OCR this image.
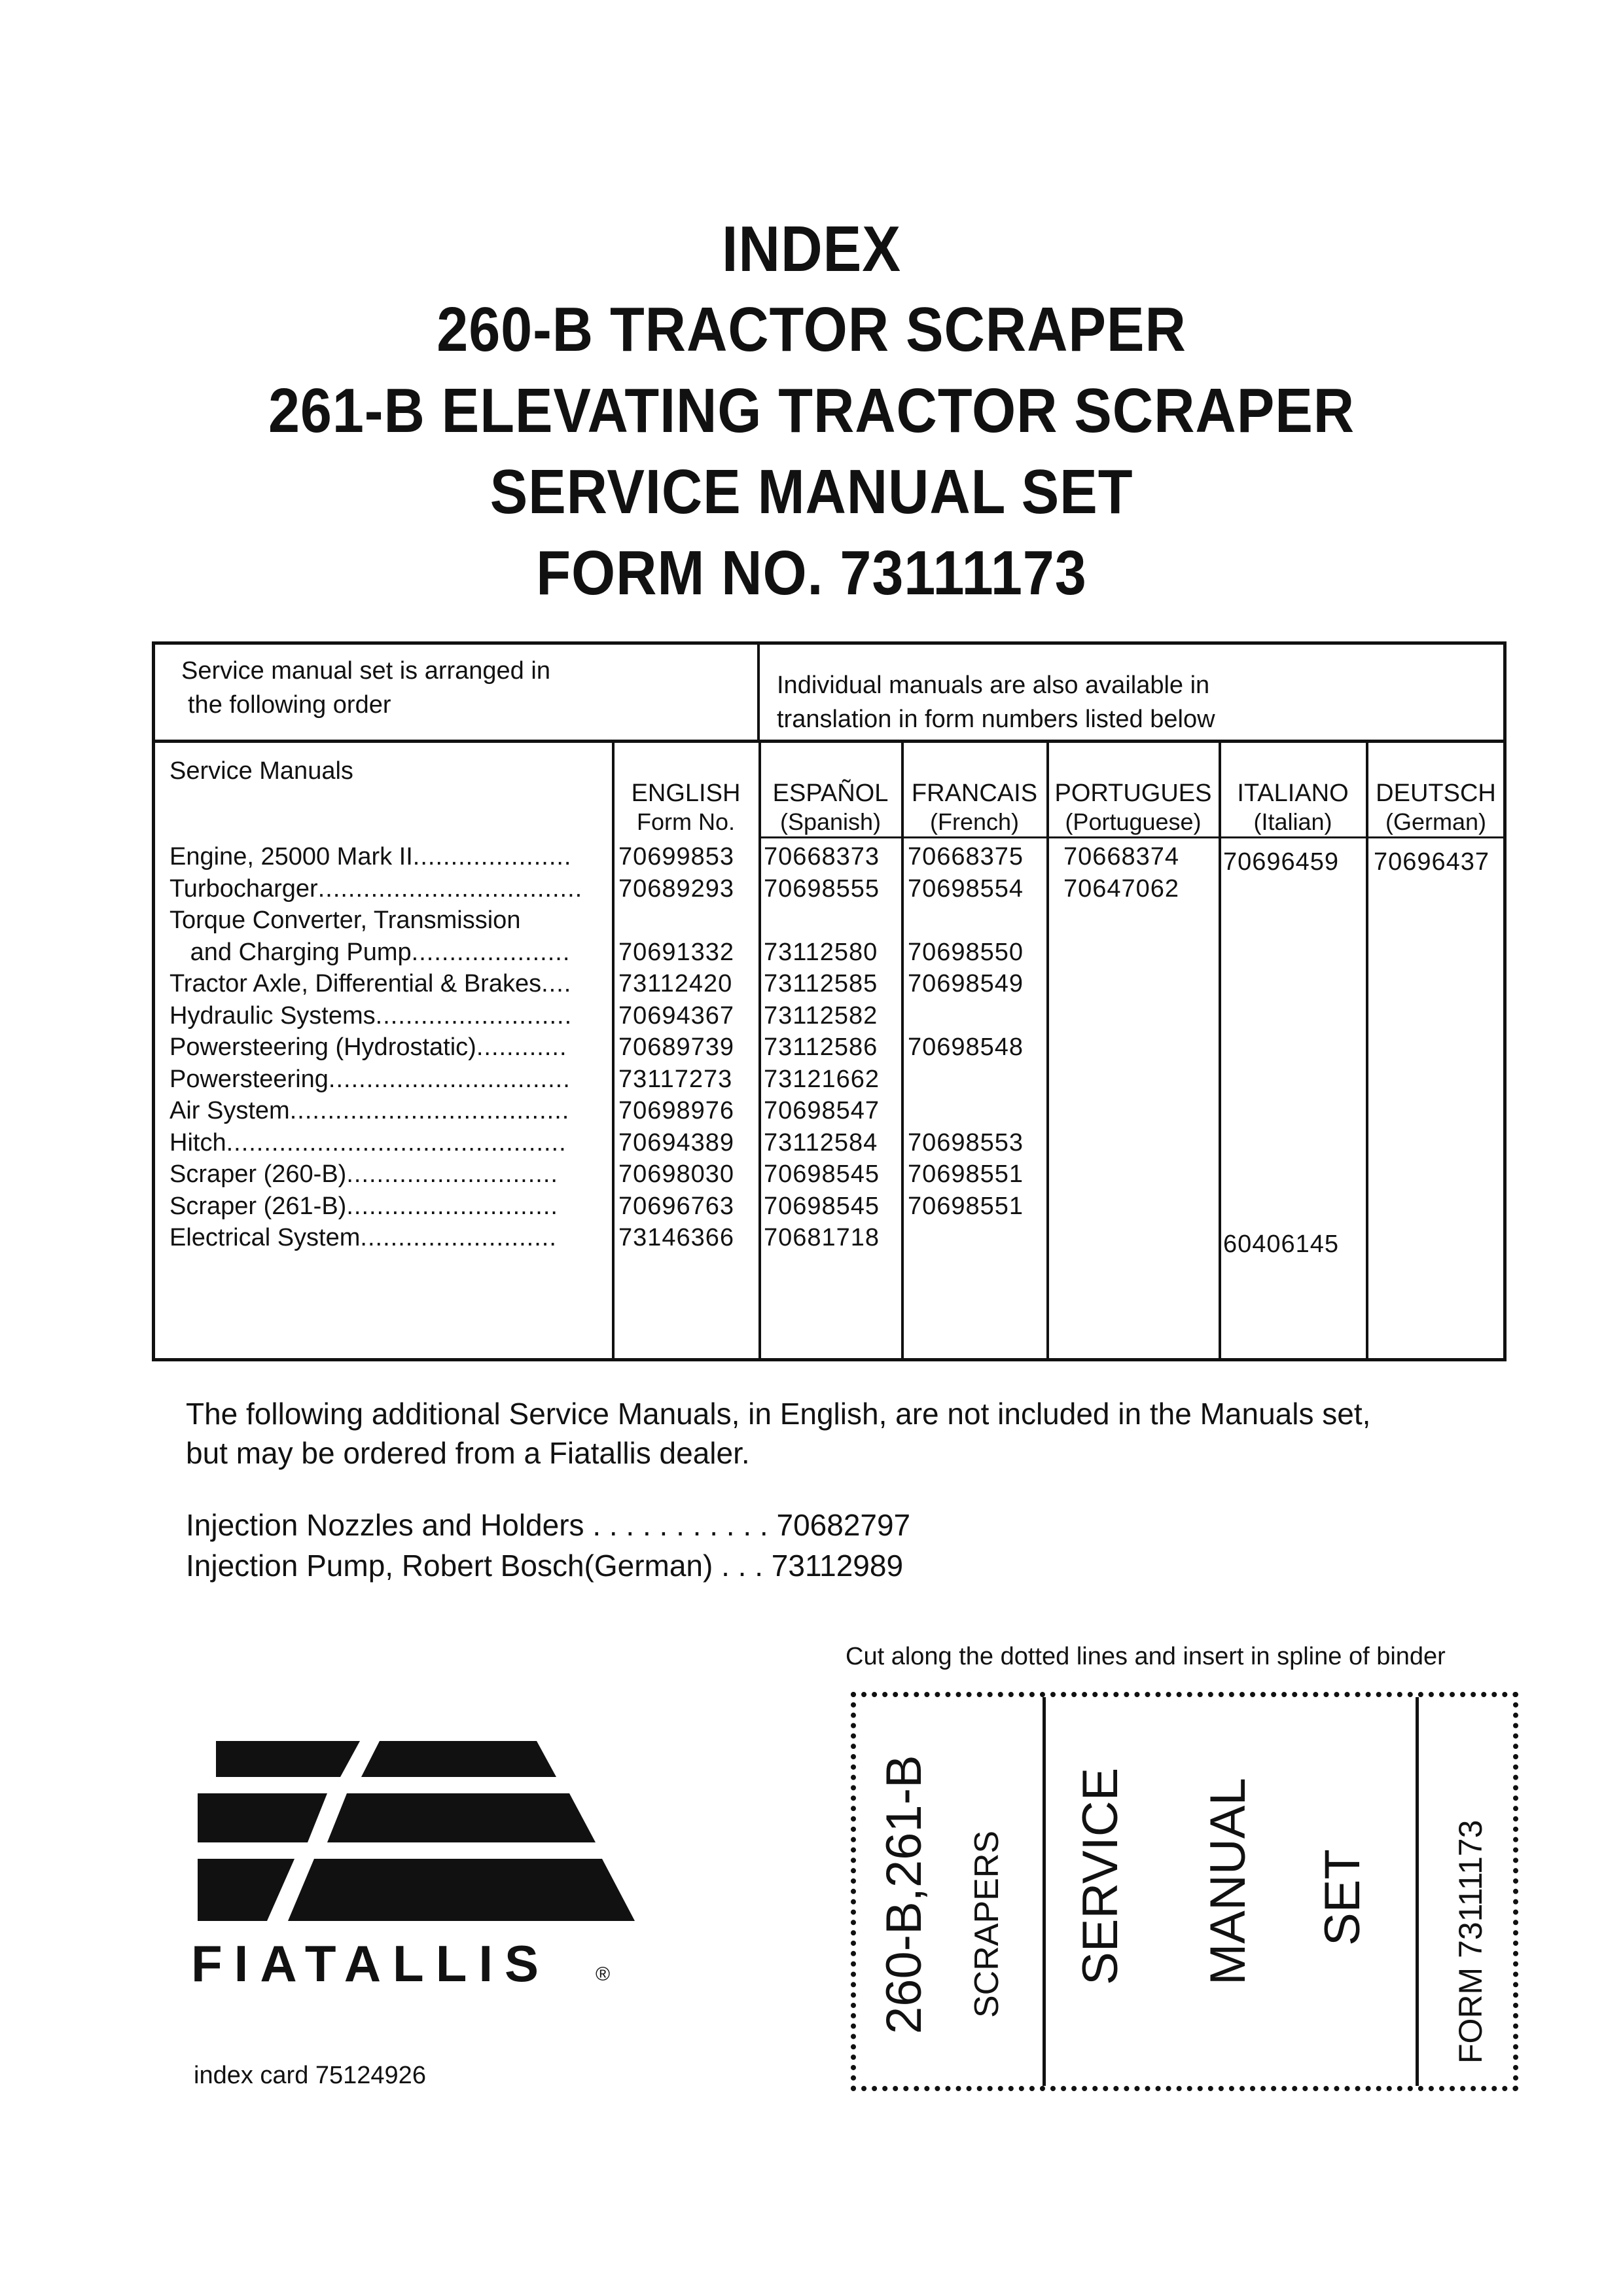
INDEX
260-B TRACTOR SCRAPER
261-B ELEVATING TRACTOR SCRAPER
SERVICE MANUAL SET
FORM NO. 73111173
Service manual set is arranged in
the following order
Individual manuals are also available in
translation in form numbers listed below
Service Manuals
ENGLISH
Form No.
ESPAÑOL
(Spanish)
FRANCAIS
(French)
PORTUGUES
(Portuguese)
ITALIANO
(Italian)
DEUTSCH
(German)
Engine, 25000 Mark II..................... 70699853 70668373 70668375 70668374 70696459 70696437
Turbocharger................................... 70689293 70698555 70698554 70647062
Torque Converter, Transmission
and Charging Pump..................... 70691332 73112580 70698550
Tractor Axle, Differential & Brakes.... 73112420 73112585 70698549
Hydraulic Systems.......................... 70694367 73112582
Powersteering (Hydrostatic)............ 70689739 73112586 70698548
Powersteering................................ 73117273 73121662
Air System..................................... 70698976 70698547
Hitch............................................. 70694389 73112584 70698553
Scraper (260-B)............................ 70698030 70698545 70698551
Scraper (261-B)............................ 70696763 70698545 70698551
Electrical System.......................... 73146366 70681718	60406145
The following additional Service Manuals, in English, are not included in the Manuals set,
but may be ordered from a Fiatallis dealer.
Injection Nozzles and Holders . . . . . . . . . . . 70682797
Injection Pump, Robert Bosch(German) . . . 73112989
Cut along the dotted lines and insert in spline of binder
260-B,261-B SCRAPERS SERVICE MANUAL SET	FORM 73111173
FIATALLIS ®
index card 75124926
